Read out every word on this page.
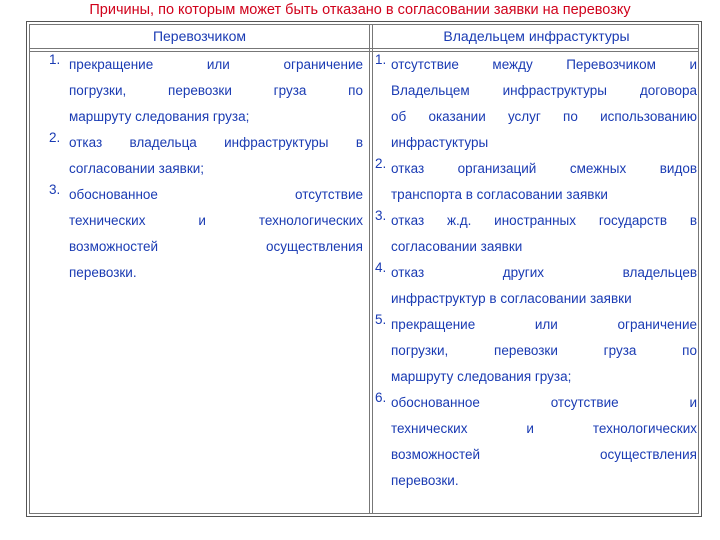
Причины, по которым может быть отказано в согласовании заявки на перевозку
Перевозчиком	Владельцем инфрастуктуры
1. прекращение или ограничение
погрузки, перевозки груза по
маршруту следования груза;
2. отказ владельца инфраструктуры в
согласовании заявки;
3. обоснованное отсутствие
технических и технологических
возможностей осуществления
перевозки.
1. отсутствие между Перевозчиком и
Владельцем инфраструктуры договора
об оказании услуг по использованию
инфрастуктуры
2. отказ организаций смежных видов
транспорта в согласовании заявки
3. отказ ж.д. иностранных государств в
согласовании заявки
4. отказ других владельцев
инфраструктур в согласовании заявки
5. прекращение или ограничение
погрузки, перевозки груза по
маршруту следования груза;
6. обоснованное отсутствие и
технических и технологических
возможностей осуществления
перевозки.
